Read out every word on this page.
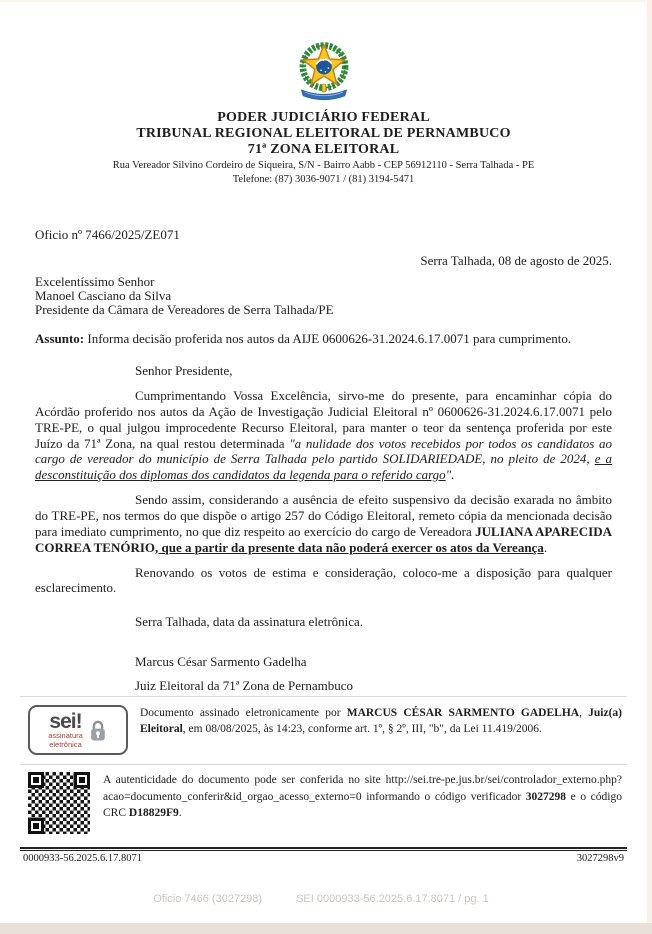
PODER JUDICIÁRIO FEDERAL
TRIBUNAL REGIONAL ELEITORAL DE PERNAMBUCO
71ª ZONA ELEITORAL
Rua Vereador Silvino Cordeiro de Siqueira, S/N - Bairro Aabb - CEP 56912110 - Serra Talhada - PE
Telefone: (87) 3036-9071 / (81) 3194-5471
Oficio nº 7466/2025/ZE071
Serra Talhada, 08 de agosto de 2025.
Excelentíssimo Senhor
Manoel Casciano da Silva
Presidente da Câmara de Vereadores de Serra Talhada/PE
Assunto: Informa decisão proferida nos autos da AIJE 0600626-31.2024.6.17.0071 para cumprimento.
Senhor Presidente,
Cumprimentando Vossa Excelência, sirvo-me do presente, para encaminhar cópia do Acórdão proferido nos autos da Ação de Investigação Judicial Eleitoral nº 0600626-31.2024.6.17.0071 pelo TRE-PE, o qual julgou improcedente Recurso Eleitoral, para manter o teor da sentença proferida por este Juízo da 71ª Zona, na qual restou determinada "a nulidade dos votos recebidos por todos os candidatos ao cargo de vereador do município de Serra Talhada pelo partido SOLIDARIEDADE, no pleito de 2024, e a desconstituição dos diplomas dos candidatos da legenda para o referido cargo".
Sendo assim, considerando a ausência de efeito suspensivo da decisão exarada no âmbito do TRE-PE, nos termos do que dispõe o artigo 257 do Código Eleitoral, remeto cópia da mencionada decisão para imediato cumprimento, no que diz respeito ao exercício do cargo de Vereadora JULIANA APARECIDA CORREA TENÓRIO, que a partir da presente data não poderá exercer os atos da Vereança.
Renovando os votos de estima e consideração, coloco-me a disposição para qualquer esclarecimento.
Serra Talhada, data da assinatura eletrônica.
Marcus César Sarmento Gadelha
Juiz Eleitoral da 71ª Zona de Pernambuco
sei!
assinatura
eletrônica
Documento assinado eletronicamente por MARCUS CÉSAR SARMENTO GADELHA, Juiz(a) Eleitoral, em 08/08/2025, às 14:23, conforme art. 1º, § 2º, III, "b", da Lei 11.419/2006.
A autenticidade do documento pode ser conferida no site http://sei.tre-pe.jus.br/sei/controlador_externo.php?acao=documento_conferir&id_orgao_acesso_externo=0 informando o código verificador 3027298 e o código CRC D18829F9.
0000933-56.2025.6.17.8071	3027298v9
Oficio 7466 (3027298)	SEI 0000933-56.2025.6.17.8071 / pg. 1
